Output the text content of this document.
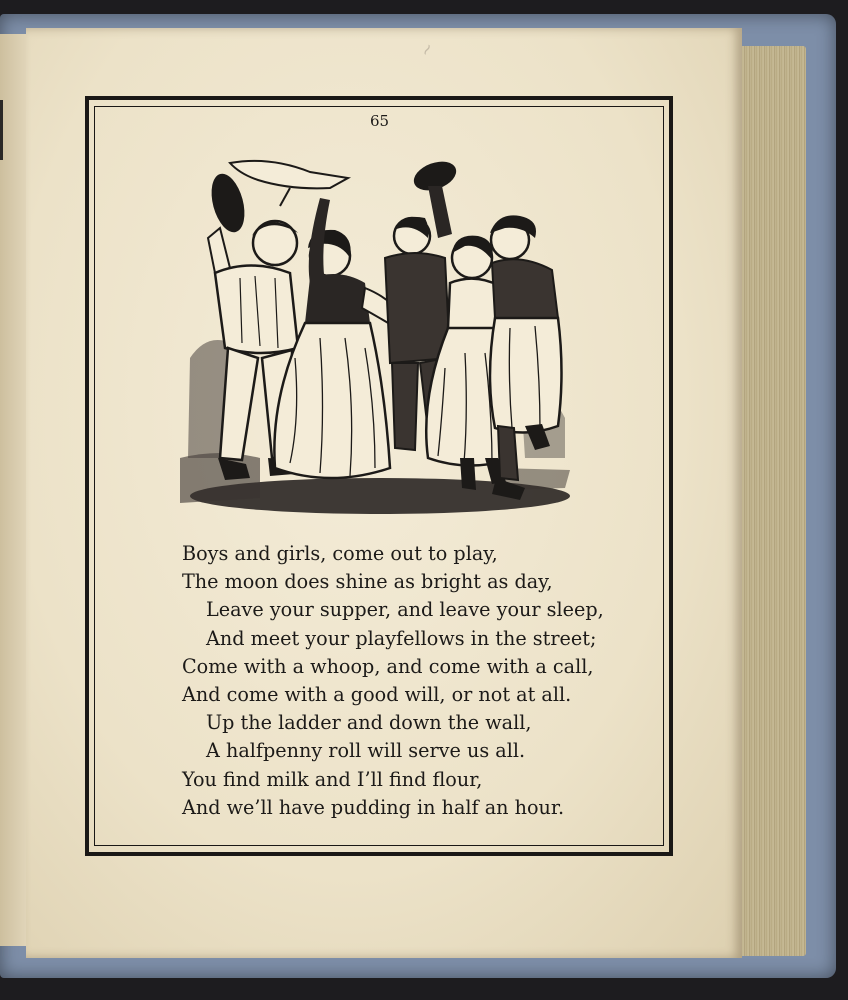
65
~
Boys and girls, come out to play,
The moon does shine as bright as day,
Leave your supper, and leave your sleep,
And meet your playfellows in the street;
Come with a whoop, and come with a call,
And come with a good will, or not at all.
Up the ladder and down the wall,
A halfpenny roll will serve us all.
You find milk and I’ll find flour,
And we’ll have pudding in half an hour.
